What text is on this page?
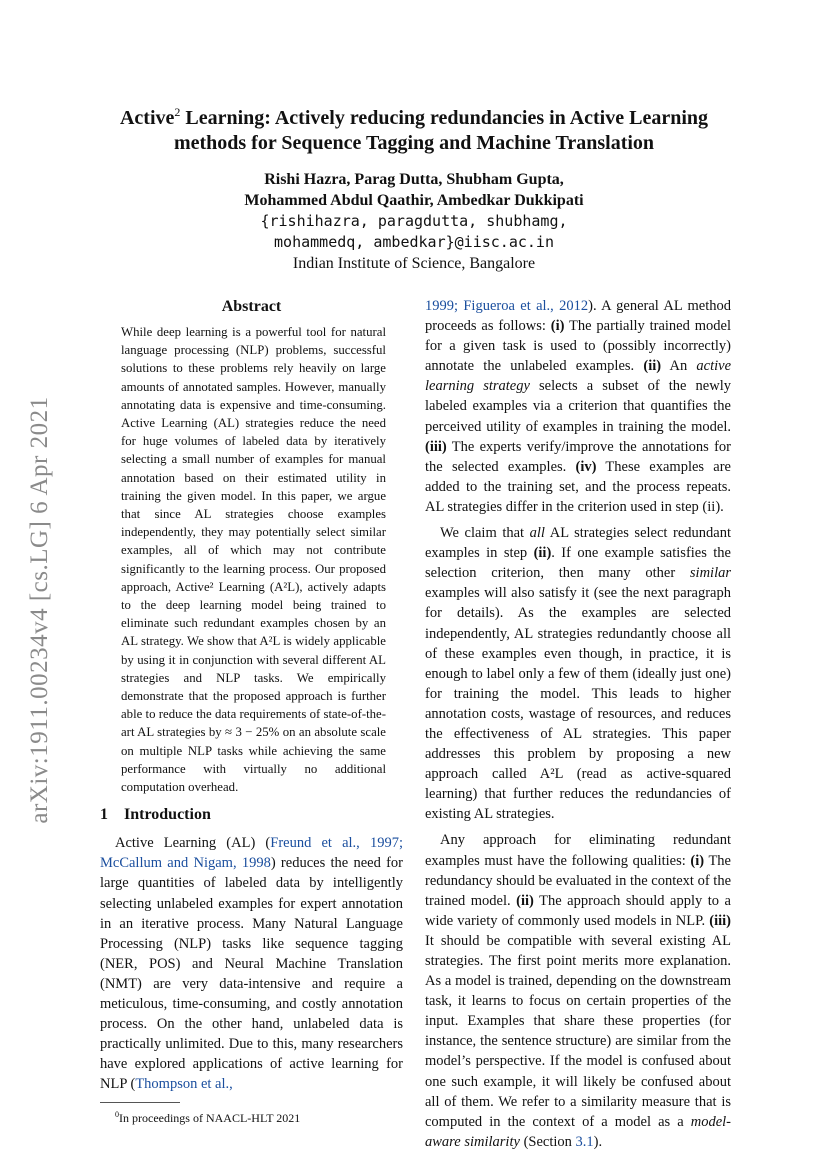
arXiv:1911.00234v4 [cs.LG] 6 Apr 2021
Active$^2$ Learning: Actively reducing redundancies in Active Learning
methods for Sequence Tagging and Machine Translation
Rishi Hazra, Parag Dutta, Shubham Gupta,
Mohammed Abdul Qaathir, Ambedkar Dukkipati
{rishihazra, paragdutta, shubhamg,
mohammedq, ambedkar}@iisc.ac.in
Indian Institute of Science, Bangalore
Abstract

While deep learning is a powerful tool for natural language processing (NLP) problems, successful solutions to these problems rely heavily on large amounts of annotated samples. However, manually annotating data is expensive and time-consuming. Active Learning (AL) strategies reduce the need for huge volumes of labeled data by iteratively selecting a small number of examples for manual annotation based on their estimated utility in training the given model. In this paper, we argue that since AL strategies choose examples independently, they may potentially select similar examples, all of which may not contribute significantly to the learning process. Our proposed approach, Active² Learning (A²L), actively adapts to the deep learning model being trained to eliminate such redundant examples chosen by an AL strategy. We show that A²L is widely applicable by using it in conjunction with several different AL strategies and NLP tasks. We empirically demonstrate that the proposed approach is further able to reduce the data requirements of state-of-the-art AL strategies by ≈ 3 − 25% on an absolute scale on multiple NLP tasks while achieving the same performance with virtually no additional computation overhead.

1 Introduction

Active Learning (AL) (Freund et al., 1997; McCallum and Nigam, 1998) reduces the need for large quantities of labeled data by intelligently selecting unlabeled examples for expert annotation in an iterative process. Many Natural Language Processing (NLP) tasks like sequence tagging (NER, POS) and Neural Machine Translation (NMT) are very data-intensive and require a meticulous, time-consuming, and costly annotation process. On the other hand, unlabeled data is practically unlimited. Due to this, many researchers have explored applications of active learning for NLP (Thompson et al.,

$^0$In proceedings of NAACL-HLT 2021

1999; Figueroa et al., 2012). A general AL method proceeds as follows: (i) The partially trained model for a given task is used to (possibly incorrectly) annotate the unlabeled examples. (ii) An active learning strategy selects a subset of the newly labeled examples via a criterion that quantifies the perceived utility of examples in training the model. (iii) The experts verify/improve the annotations for the selected examples. (iv) These examples are added to the training set, and the process repeats. AL strategies differ in the criterion used in step (ii).

We claim that all AL strategies select redundant examples in step (ii). If one example satisfies the selection criterion, then many other similar examples will also satisfy it (see the next paragraph for details). As the examples are selected independently, AL strategies redundantly choose all of these examples even though, in practice, it is enough to label only a few of them (ideally just one) for training the model. This leads to higher annotation costs, wastage of resources, and reduces the effectiveness of AL strategies. This paper addresses this problem by proposing a new approach called A²L (read as active-squared learning) that further reduces the redundancies of existing AL strategies.

Any approach for eliminating redundant examples must have the following qualities: (i) The redundancy should be evaluated in the context of the trained model. (ii) The approach should apply to a wide variety of commonly used models in NLP. (iii) It should be compatible with several existing AL strategies. The first point merits more explanation. As a model is trained, depending on the downstream task, it learns to focus on certain properties of the input. Examples that share these properties (for instance, the sentence structure) are similar from the model’s perspective. If the model is confused about one such example, it will likely be confused about all of them. We refer to a similarity measure that is computed in the context of a model as a model-aware similarity (Section 3.1).
